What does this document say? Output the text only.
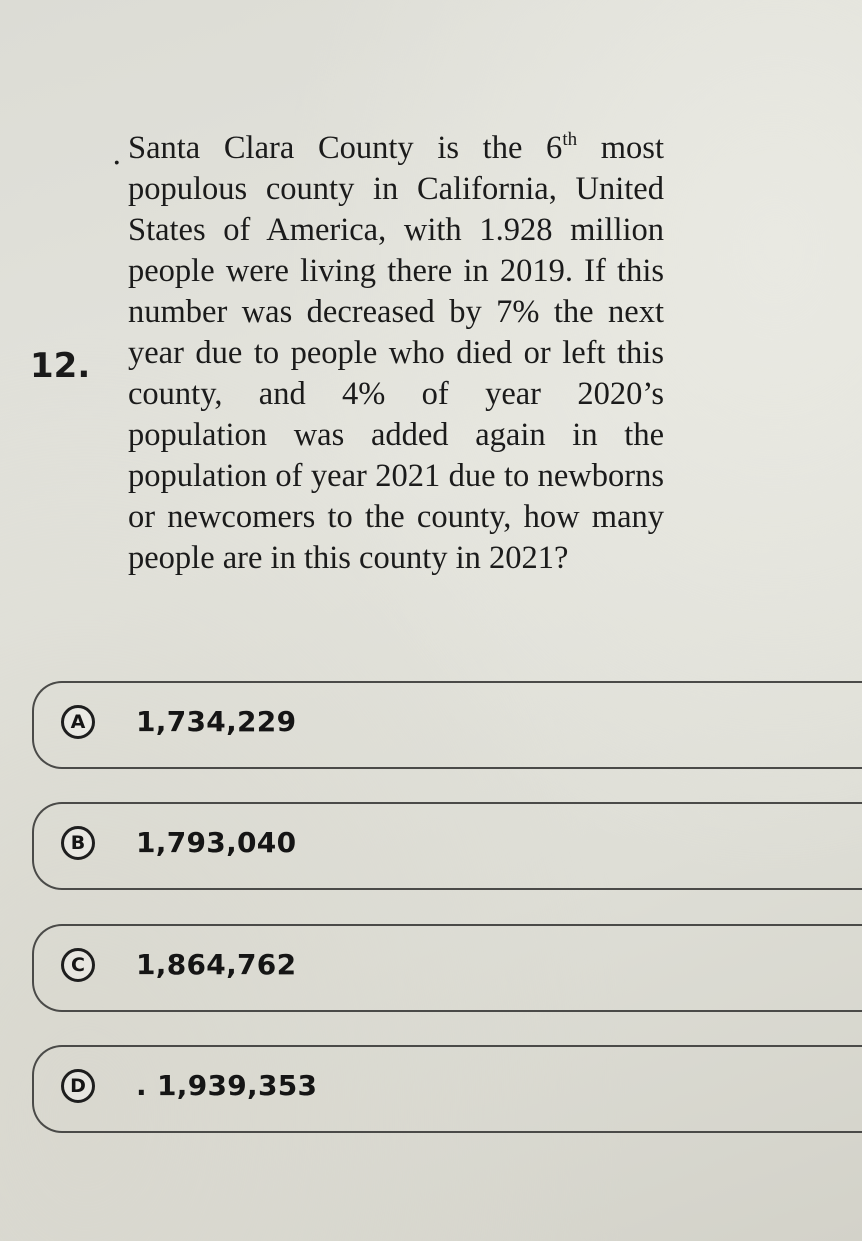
12.
. Santa Clara County is the 6th most populous county in California, United States of America, with 1.928 million people were living there in 2019. If this number was decreased by 7% the next year due to people who died or left this county, and 4% of year 2020’s population was added again in the population of year 2021 due to newborns or newcomers to the county, how many people are in this county in 2021?

A	1,734,229
B	1,793,040
C	1,864,762
D	. 1,939,353
